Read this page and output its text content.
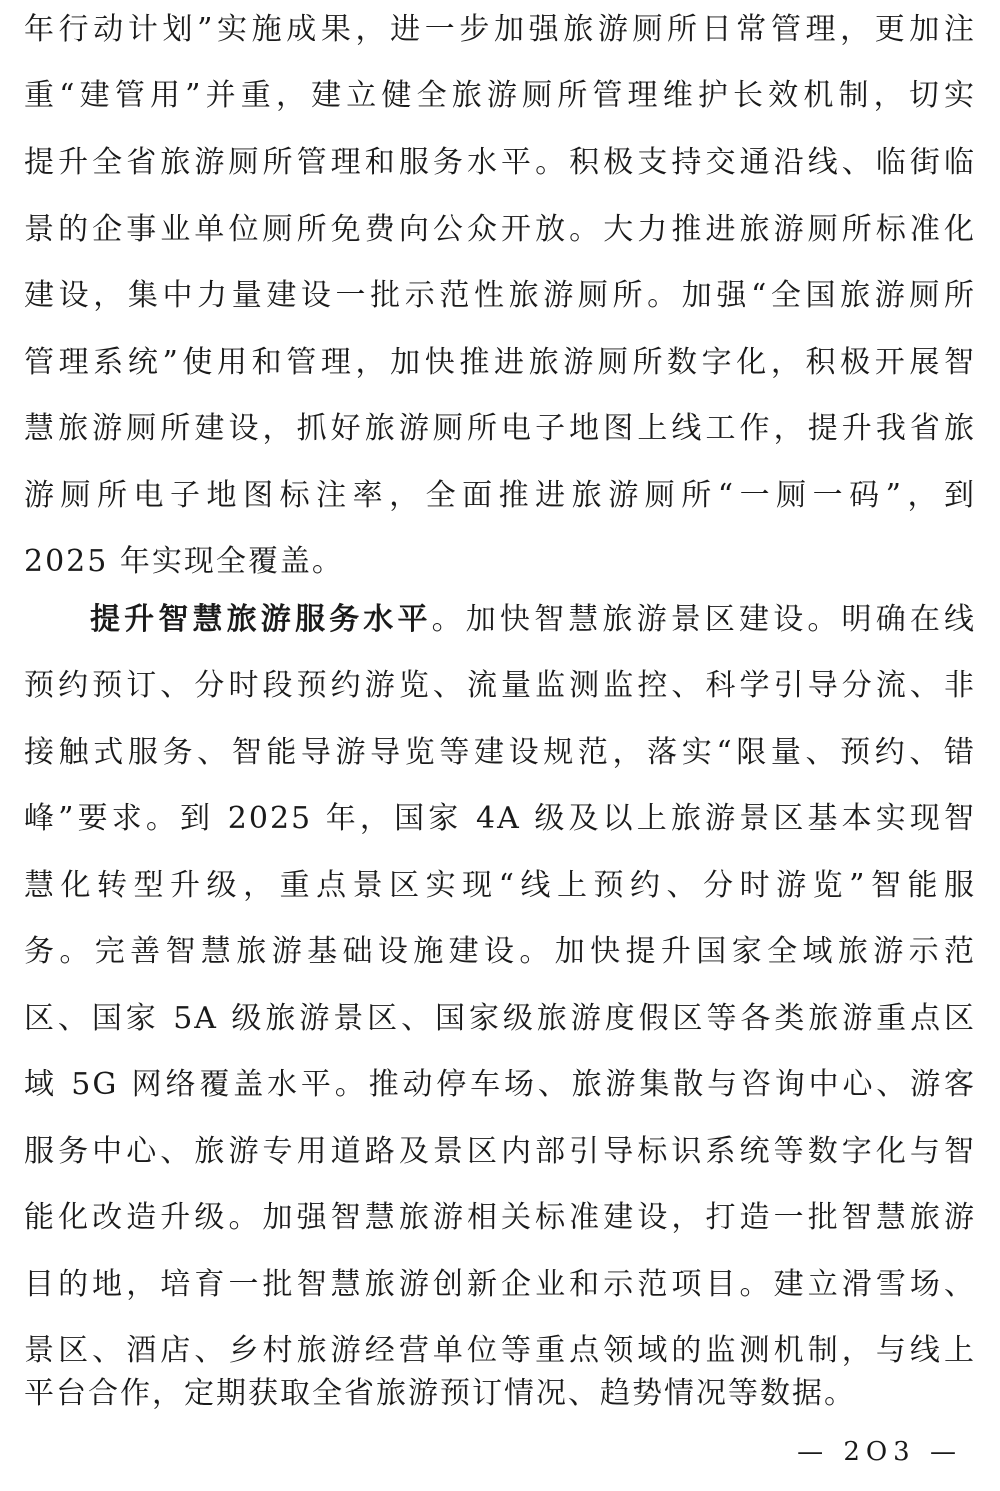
年行动计划”实施成果，进一步加强旅游厕所日常管理，更加注
重“建管用”并重，建立健全旅游厕所管理维护长效机制，切实
提升全省旅游厕所管理和服务水平。积极支持交通沿线、临街临
景的企事业单位厕所免费向公众开放。大力推进旅游厕所标准化
建设，集中力量建设一批示范性旅游厕所。加强“全国旅游厕所
管理系统”使用和管理，加快推进旅游厕所数字化，积极开展智
慧旅游厕所建设，抓好旅游厕所电子地图上线工作，提升我省旅
游厕所电子地图标注率，全面推进旅游厕所“一厕一码”，到
2025 年实现全覆盖。
提升智慧旅游服务水平。加快智慧旅游景区建设。明确在线
预约预订、分时段预约游览、流量监测监控、科学引导分流、非
接触式服务、智能导游导览等建设规范，落实“限量、预约、错
峰”要求。到 2025 年，国家 4A 级及以上旅游景区基本实现智
慧化转型升级，重点景区实现“线上预约、分时游览”智能服
务。完善智慧旅游基础设施建设。加快提升国家全域旅游示范
区、国家 5A 级旅游景区、国家级旅游度假区等各类旅游重点区
域 5G 网络覆盖水平。推动停车场、旅游集散与咨询中心、游客
服务中心、旅游专用道路及景区内部引导标识系统等数字化与智
能化改造升级。加强智慧旅游相关标准建设，打造一批智慧旅游
目的地，培育一批智慧旅游创新企业和示范项目。建立滑雪场、
景区、酒店、乡村旅游经营单位等重点领域的监测机制，与线上
平台合作，定期获取全省旅游预订情况、趋势情况等数据。
— 2O3 —
